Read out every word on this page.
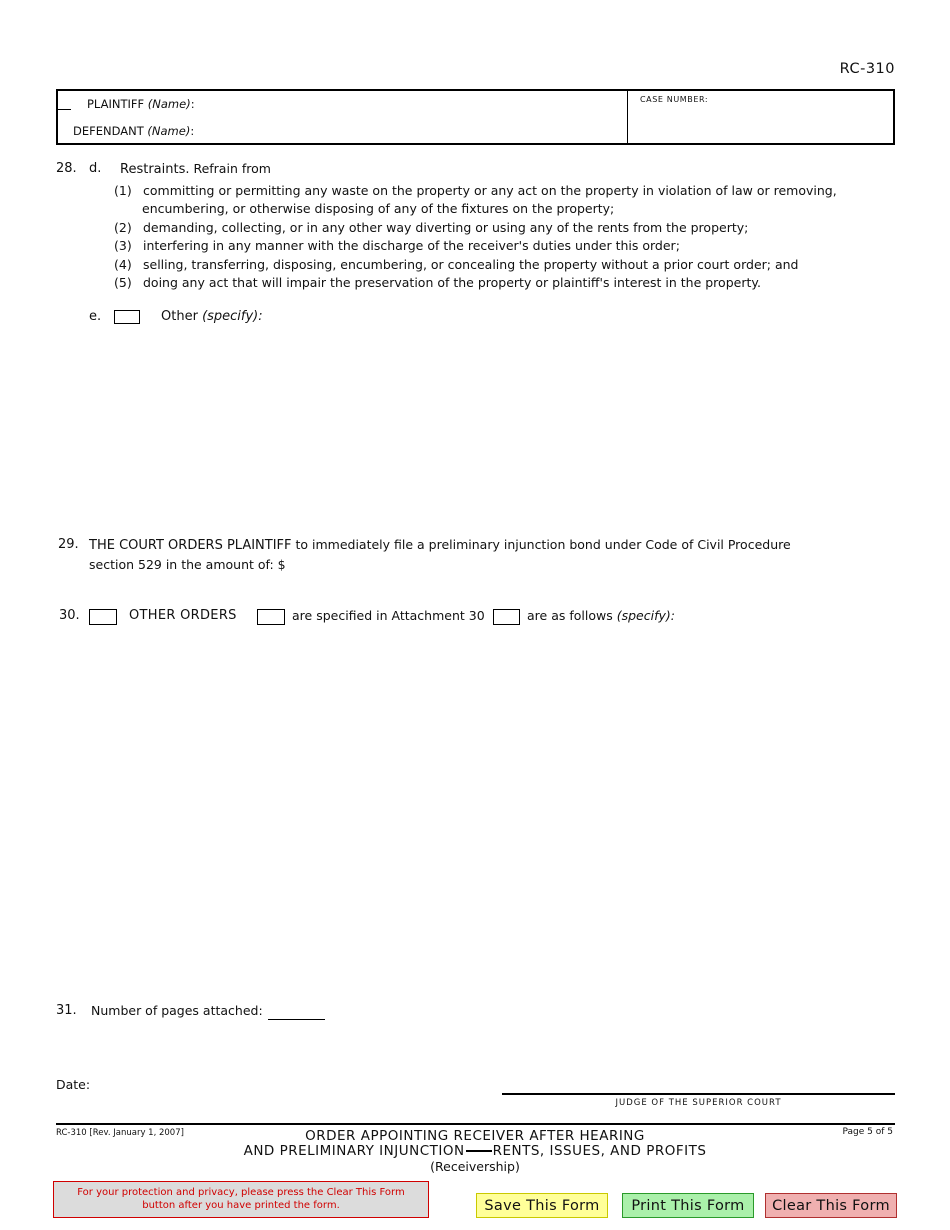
RC-310
PLAINTIFF (Name):
DEFENDANT (Name):
CASE NUMBER:
28. d. Restraints. Refrain from
(1) committing or permitting any waste on the property or any act on the property in violation of law or removing,
encumbering, or otherwise disposing of any of the fixtures on the property;
(2) demanding, collecting, or in any other way diverting or using any of the rents from the property;
(3) interfering in any manner with the discharge of the receiver's duties under this order;
(4) selling, transferring, disposing, encumbering, or concealing the property without a prior court order; and
(5) doing any act that will impair the preservation of the property or plaintiff's interest in the property.
e.	Other (specify):
29. THE COURT ORDERS PLAINTIFF to immediately file a preliminary injunction bond under Code of Civil Procedure
section 529 in the amount of: $
30.	OTHER ORDERS	are specified in Attachment 30	are as follows (specify):
31. Number of pages attached:
Date:
JUDGE OF THE SUPERIOR COURT
RC-310 [Rev. January 1, 2007]	Page 5 of 5
ORDER APPOINTING RECEIVER AFTER HEARING
AND PRELIMINARY INJUNCTION RENTS, ISSUES, AND PROFITS
(Receivership)
For your protection and privacy, please press the Clear This Form
button after you have printed the form.	Save This Form	Print This Form	Clear This Form
